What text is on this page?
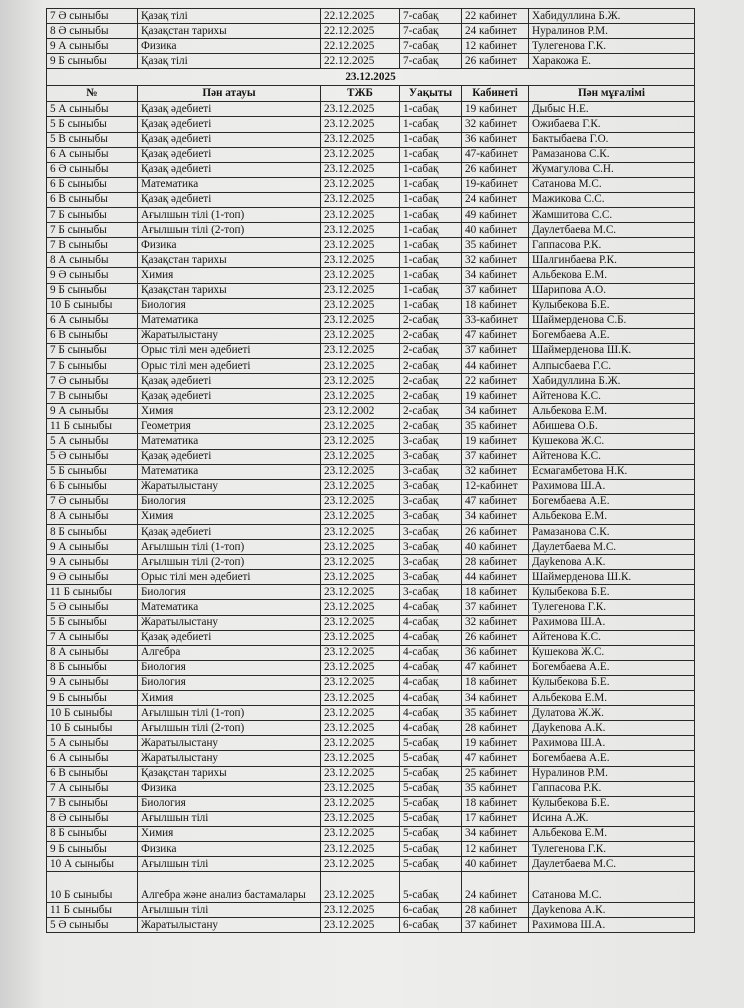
7 Ә сыныбы	Қазақ тілі	22.12.2025	7-сабақ	22 кабинет	Хабидуллина Б.Ж.
8 Ә сыныбы	Қазақстан тарихы	22.12.2025	7-сабақ	24 кабинет	Нуралинов Р.М.
9 А сыныбы	Физика	22.12.2025	7-сабақ	12 кабинет	Тулегенова Г.К.
9 Б сыныбы	Қазақ тілі	22.12.2025	7-сабақ	26 кабинет	Харакожа Е.
23.12.2025					
№	Пән атауы	ТЖБ	Уақыты	Кабинеті	Пән мұғалімі
5 А сыныбы	Қазақ әдебиеті	23.12.2025	1-сабақ	19 кабинет	Дыбыс Н.Е.
5 Б сыныбы	Қазақ әдебиеті	23.12.2025	1-сабақ	32 кабинет	Ожибаева Г.К.
5 В сыныбы	Қазақ әдебиеті	23.12.2025	1-сабақ	36 кабинет	Бактыбаева Г.О.
6 А сыныбы	Қазақ әдебиеті	23.12.2025	1-сабақ	47-кабинет	Рамазанова С.К.
6 Ә сыныбы	Қазақ әдебиеті	23.12.2025	1-сабақ	26 кабинет	Жумагулова С.Н.
6 Б сыныбы	Математика	23.12.2025	1-сабақ	19-кабинет	Сатанова М.С.
6 В сыныбы	Қазақ әдебиеті	23.12.2025	1-сабақ	24 кабинет	Мажикова С.С.
7 Б сыныбы	Ағылшын тілі (1-топ)	23.12.2025	1-сабақ	49 кабинет	Жамшитова С.С.
7 Б сыныбы	Ағылшын тілі (2-топ)	23.12.2025	1-сабақ	40 кабинет	Даулетбаева М.С.
7 В сыныбы	Физика	23.12.2025	1-сабақ	35 кабинет	Гаппасова Р.К.
8 А сыныбы	Қазақстан тарихы	23.12.2025	1-сабақ	32 кабинет	Шалгинбаева Р.К.
9 Ә сыныбы	Химия	23.12.2025	1-сабақ	34 кабинет	Альбекова Е.М.
9 Б сыныбы	Қазақстан тарихы	23.12.2025	1-сабақ	37 кабинет	Шарипова А.О.
10 Б сыныбы	Биология	23.12.2025	1-сабақ	18 кабинет	Кулыбекова Б.Е.
6 А сыныбы	Математика	23.12.2025	2-сабақ	33-кабинет	Шаймерденова С.Б.
6 В сыныбы	Жаратылыстану	23.12.2025	2-сабақ	47 кабинет	Богембаева А.Е.
7 Б сыныбы	Орыс тілі мен әдебиеті	23.12.2025	2-сабақ	37 кабинет	Шаймерденова Ш.К.
7 Б сыныбы	Орыс тілі мен әдебиеті	23.12.2025	2-сабақ	44 кабинет	Алпысбаева Г.С.
7 Ә сыныбы	Қазақ әдебиеті	23.12.2025	2-сабақ	22 кабинет	Хабидуллина Б.Ж.
7 В сыныбы	Қазақ әдебиеті	23.12.2025	2-сабақ	19 кабинет	Айтенова К.С.
9 А сыныбы	Химия	23.12.2002	2-сабақ	34 кабинет	Альбекова Е.М.
11 Б сыныбы	Геометрия	23.12.2025	2-сабақ	35 кабинет	Абишева О.Б.
5 А сыныбы	Математика	23.12.2025	3-сабақ	19 кабинет	Кушекова Ж.С.
5 Ә сыныбы	Қазақ әдебиеті	23.12.2025	3-сабақ	37 кабинет	Айтенова К.С.
5 Б сыныбы	Математика	23.12.2025	3-сабақ	32 кабинет	Есмагамбетова Н.К.
6 Б сыныбы	Жаратылыстану	23.12.2025	3-сабақ	12-кабинет	Рахимова Ш.А.
7 Ә сыныбы	Биология	23.12.2025	3-сабақ	47 кабинет	Богембаева А.Е.
8 А сыныбы	Химия	23.12.2025	3-сабақ	34 кабинет	Альбекова Е.М.
8 Б сыныбы	Қазақ әдебиеті	23.12.2025	3-сабақ	26 кабинет	Рамазанова С.К.
9 А сыныбы	Ағылшын тілі (1-топ)	23.12.2025	3-сабақ	40 кабинет	Даулетбаева М.С.
9 А сыныбы	Ағылшын тілі (2-топ)	23.12.2025	3-сабақ	28 кабинет	Дауkenова А.К.
9 Ә сыныбы	Орыс тілі мен әдебиеті	23.12.2025	3-сабақ	44 кабинет	Шаймерденова Ш.К.
11 Б сыныбы	Биология	23.12.2025	3-сабақ	18 кабинет	Кулыбекова Б.Е.
5 Ә сыныбы	Математика	23.12.2025	4-сабақ	37 кабинет	Тулегенова Г.К.
5 Б сыныбы	Жаратылыстану	23.12.2025	4-сабақ	32 кабинет	Рахимова Ш.А.
7 А сыныбы	Қазақ әдебиеті	23.12.2025	4-сабақ	26 кабинет	Айтенова К.С.
8 А сыныбы	Алгебра	23.12.2025	4-сабақ	36 кабинет	Кушекова Ж.С.
8 Б сыныбы	Биология	23.12.2025	4-сабақ	47 кабинет	Богембаева А.Е.
9 А сыныбы	Биология	23.12.2025	4-сабақ	18 кабинет	Кулыбекова Б.Е.
9 Б сыныбы	Химия	23.12.2025	4-сабақ	34 кабинет	Альбекова Е.М.
10 Б сыныбы	Ағылшын тілі (1-топ)	23.12.2025	4-сабақ	35 кабинет	Дулатова Ж.Ж.
10 Б сыныбы	Ағылшын тілі (2-топ)	23.12.2025	4-сабақ	28 кабинет	Дауkenова А.К.
5 А сыныбы	Жаратылыстану	23.12.2025	5-сабақ	19 кабинет	Рахимова Ш.А.
6 А сыныбы	Жаратылыстану	23.12.2025	5-сабақ	47 кабинет	Богембаева А.Е.
6 В сыныбы	Қазақстан тарихы	23.12.2025	5-сабақ	25 кабинет	Нуралинов Р.М.
7 А сыныбы	Физика	23.12.2025	5-сабақ	35 кабинет	Гаппасова Р.К.
7 В сыныбы	Биология	23.12.2025	5-сабақ	18 кабинет	Кулыбекова Б.Е.
8 Ә сыныбы	Ағылшын тілі	23.12.2025	5-сабақ	17 кабинет	Исина А.Ж.
8 Б сыныбы	Химия	23.12.2025	5-сабақ	34 кабинет	Альбекова Е.М.
9 Б сыныбы	Физика	23.12.2025	5-сабақ	12 кабинет	Тулегенова Г.К.
10 А сыныбы	Ағылшын тілі	23.12.2025	5-сабақ	40 кабинет	Даулетбаева М.С.
10 Б сыныбы	Алгебра және анализ бастамалары	23.12.2025	5-сабақ	24 кабинет	Сатанова М.С.
11 Б сыныбы	Ағылшын тілі	23.12.2025	6-сабақ	28 кабинет	Дауkenова А.К.
5 Ә сыныбы	Жаратылыстану	23.12.2025	6-сабақ	37 кабинет	Рахимова Ш.А.
